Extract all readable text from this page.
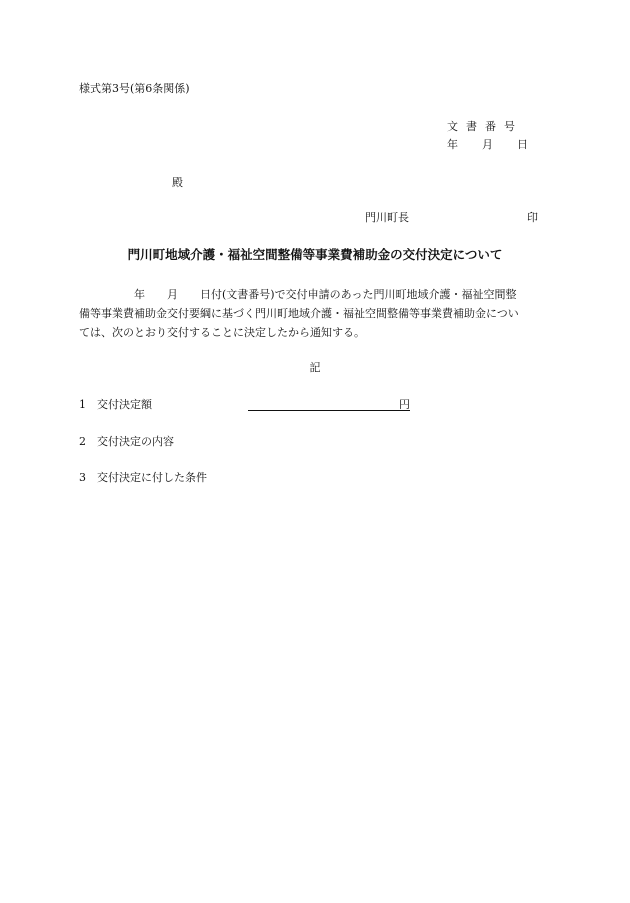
様式第3号(第6条関係)
文書番号
年 月 日
殿
門川町長	印
門川町地域介護・福祉空間整備等事業費補助金の交付決定について
　　　　　年　　月　　日付(文書番号)で交付申請のあった門川町地域介護・福祉空間整
備等事業費補助金交付要綱に基づく門川町地域介護・福祉空間整備等事業費補助金につい
ては、次のとおり交付することに決定したから通知する。
記
1 交付決定額	円
2 交付決定の内容
3 交付決定に付した条件
